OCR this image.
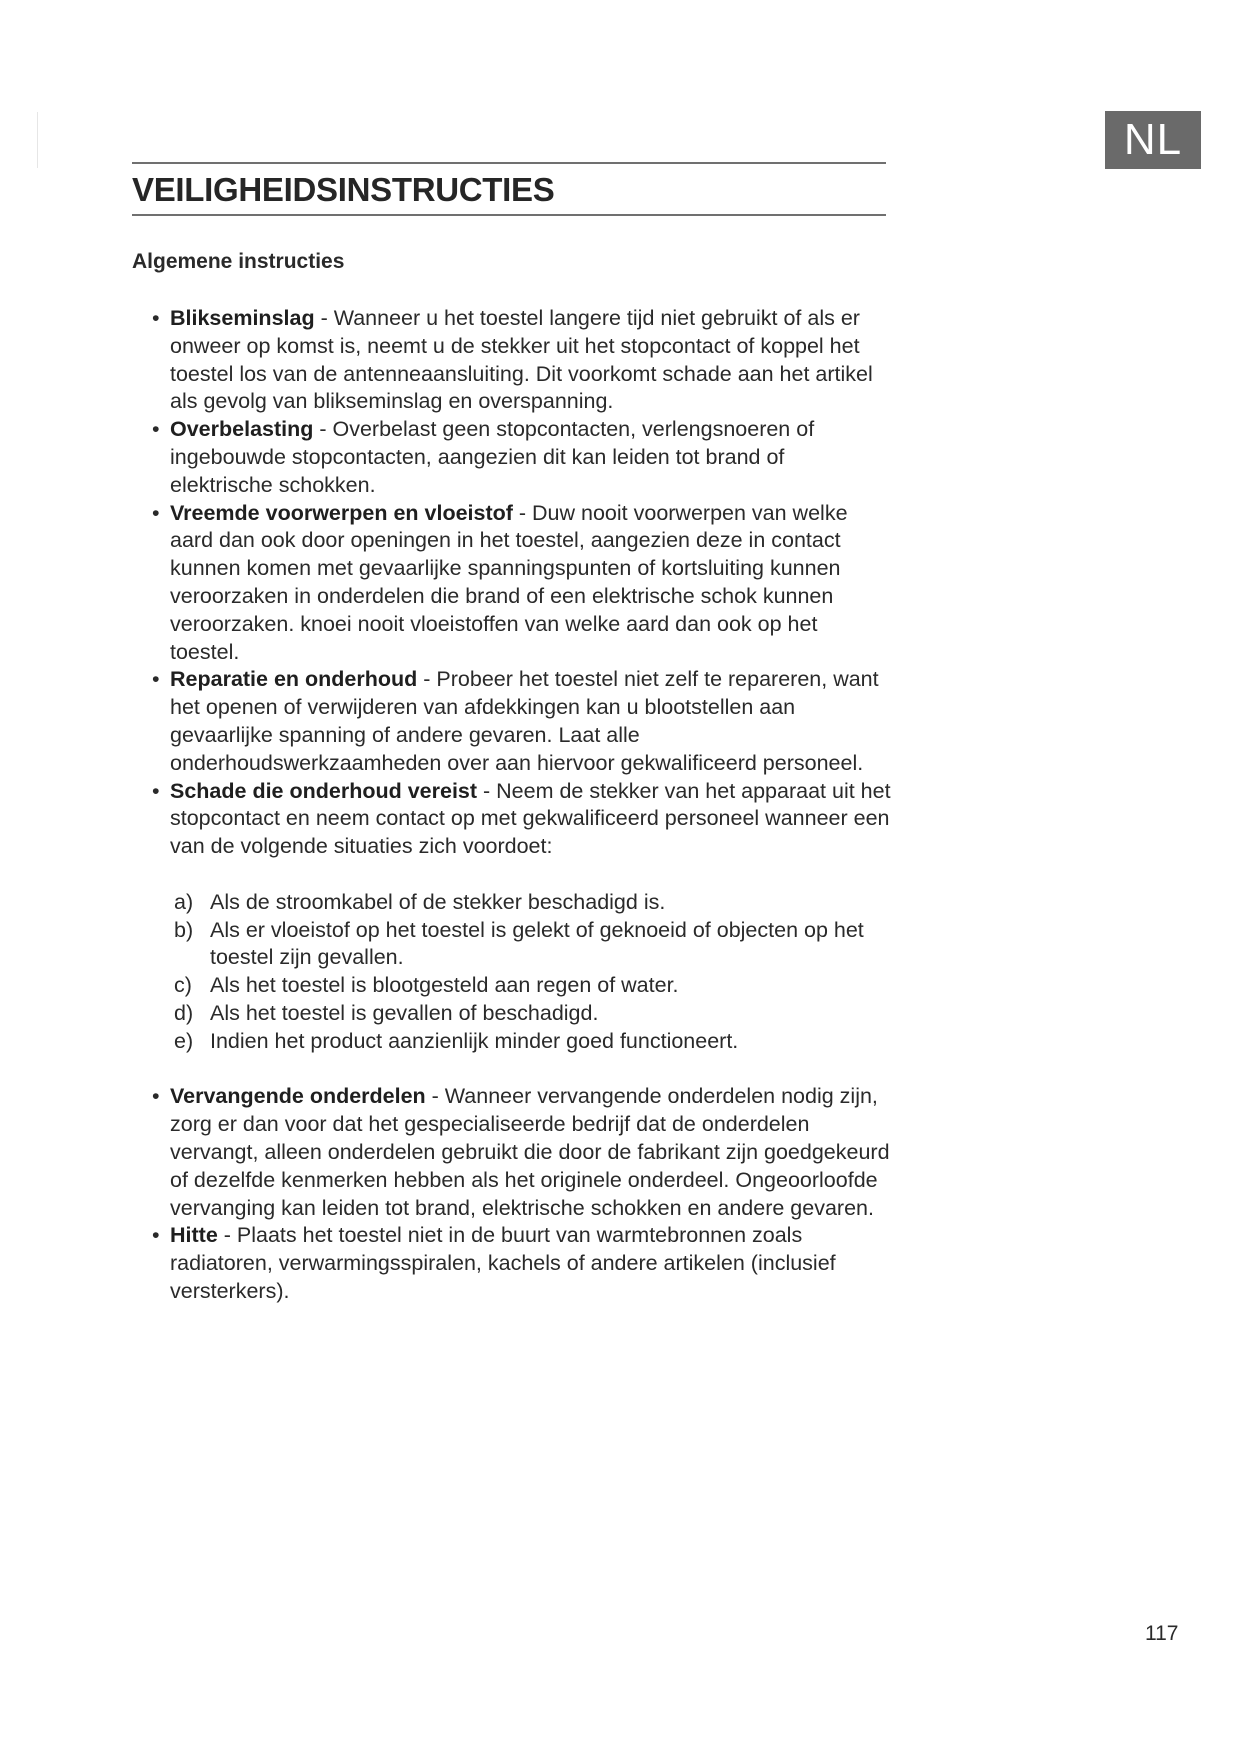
NL
VEILIGHEIDSINSTRUCTIES
Algemene instructies
• Blikseminslag - Wanneer u het toestel langere tijd niet gebruikt of als er onweer op komst is, neemt u de stekker uit het stopcontact of koppel het toestel los van de antenneaansluiting. Dit voorkomt schade aan het artikel als gevolg van blikseminslag en overspanning.
• Overbelasting - Overbelast geen stopcontacten, verlengsnoeren of ingebouwde stopcontacten, aangezien dit kan leiden tot brand of elektrische schokken.
• Vreemde voorwerpen en vloeistof - Duw nooit voorwerpen van welke aard dan ook door openingen in het toestel, aangezien deze in contact kunnen komen met gevaarlijke spanningspunten of kortsluiting kunnen veroorzaken in onderdelen die brand of een elektrische schok kunnen veroorzaken. knoei nooit vloeistoffen van welke aard dan ook op het toestel.
• Reparatie en onderhoud - Probeer het toestel niet zelf te repareren, want het openen of verwijderen van afdekkingen kan u blootstellen aan gevaarlijke spanning of andere gevaren. Laat alle onderhoudswerkzaamheden over aan hiervoor gekwalificeerd personeel.
• Schade die onderhoud vereist - Neem de stekker van het apparaat uit het stopcontact en neem contact op met gekwalificeerd personeel wanneer een van de volgende situaties zich voordoet:
a) Als de stroomkabel of de stekker beschadigd is.
b) Als er vloeistof op het toestel is gelekt of geknoeid of objecten op het toestel zijn gevallen.
c) Als het toestel is blootgesteld aan regen of water.
d) Als het toestel is gevallen of beschadigd.
e) Indien het product aanzienlijk minder goed functioneert.
• Vervangende onderdelen - Wanneer vervangende onderdelen nodig zijn, zorg er dan voor dat het gespecialiseerde bedrijf dat de onderdelen vervangt, alleen onderdelen gebruikt die door de fabrikant zijn goedgekeurd of dezelfde kenmerken hebben als het originele onderdeel. Ongeoorloofde vervanging kan leiden tot brand, elektrische schokken en andere gevaren.
• Hitte - Plaats het toestel niet in de buurt van warmtebronnen zoals radiatoren, verwarmingsspiralen, kachels of andere artikelen (inclusief versterkers).
117
